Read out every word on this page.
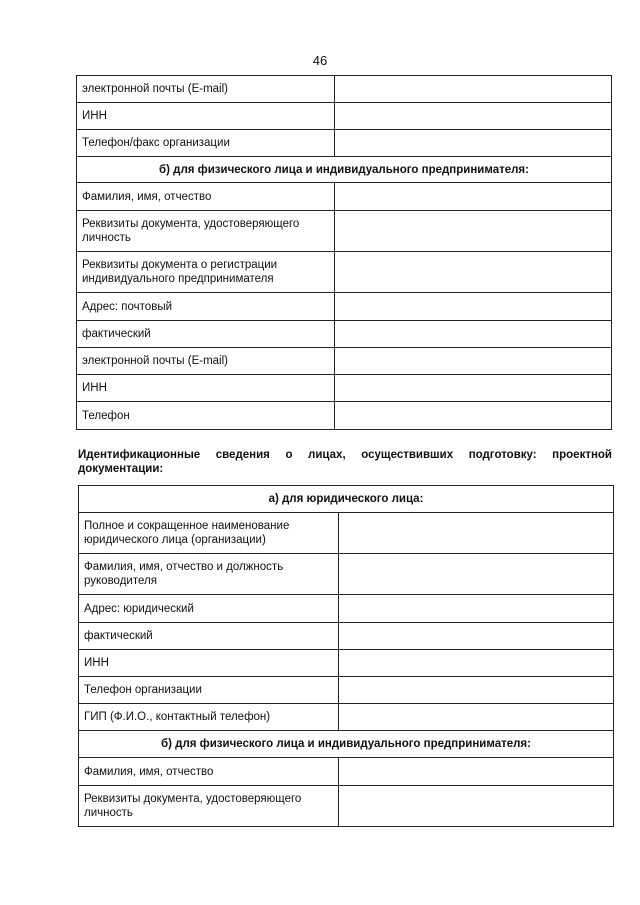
46
электронной почты (E-mail)	
ИНН	
Телефон/факс организации	
б) для физического лица и индивидуального предпринимателя:	
Фамилия, имя, отчество	
Реквизиты документа, удостоверяющего личность	
Реквизиты документа о регистрации индивидуального предпринимателя	
Адрес: почтовый	
фактический	
электронной почты (E-mail)	
ИНН	
Телефон	
Идентификационные сведения о лицах, осуществивших подготовку: проектной документации:
а) для юридического лица:	
Полное и сокращенное наименование юридического лица (организации)	
Фамилия, имя, отчество и должность руководителя	
Адрес: юридический	
фактический	
ИНН	
Телефон организации	
ГИП (Ф.И.О., контактный телефон)	
б) для физического лица и индивидуального предпринимателя:	
Фамилия, имя, отчество	
Реквизиты документа, удостоверяющего личность	
